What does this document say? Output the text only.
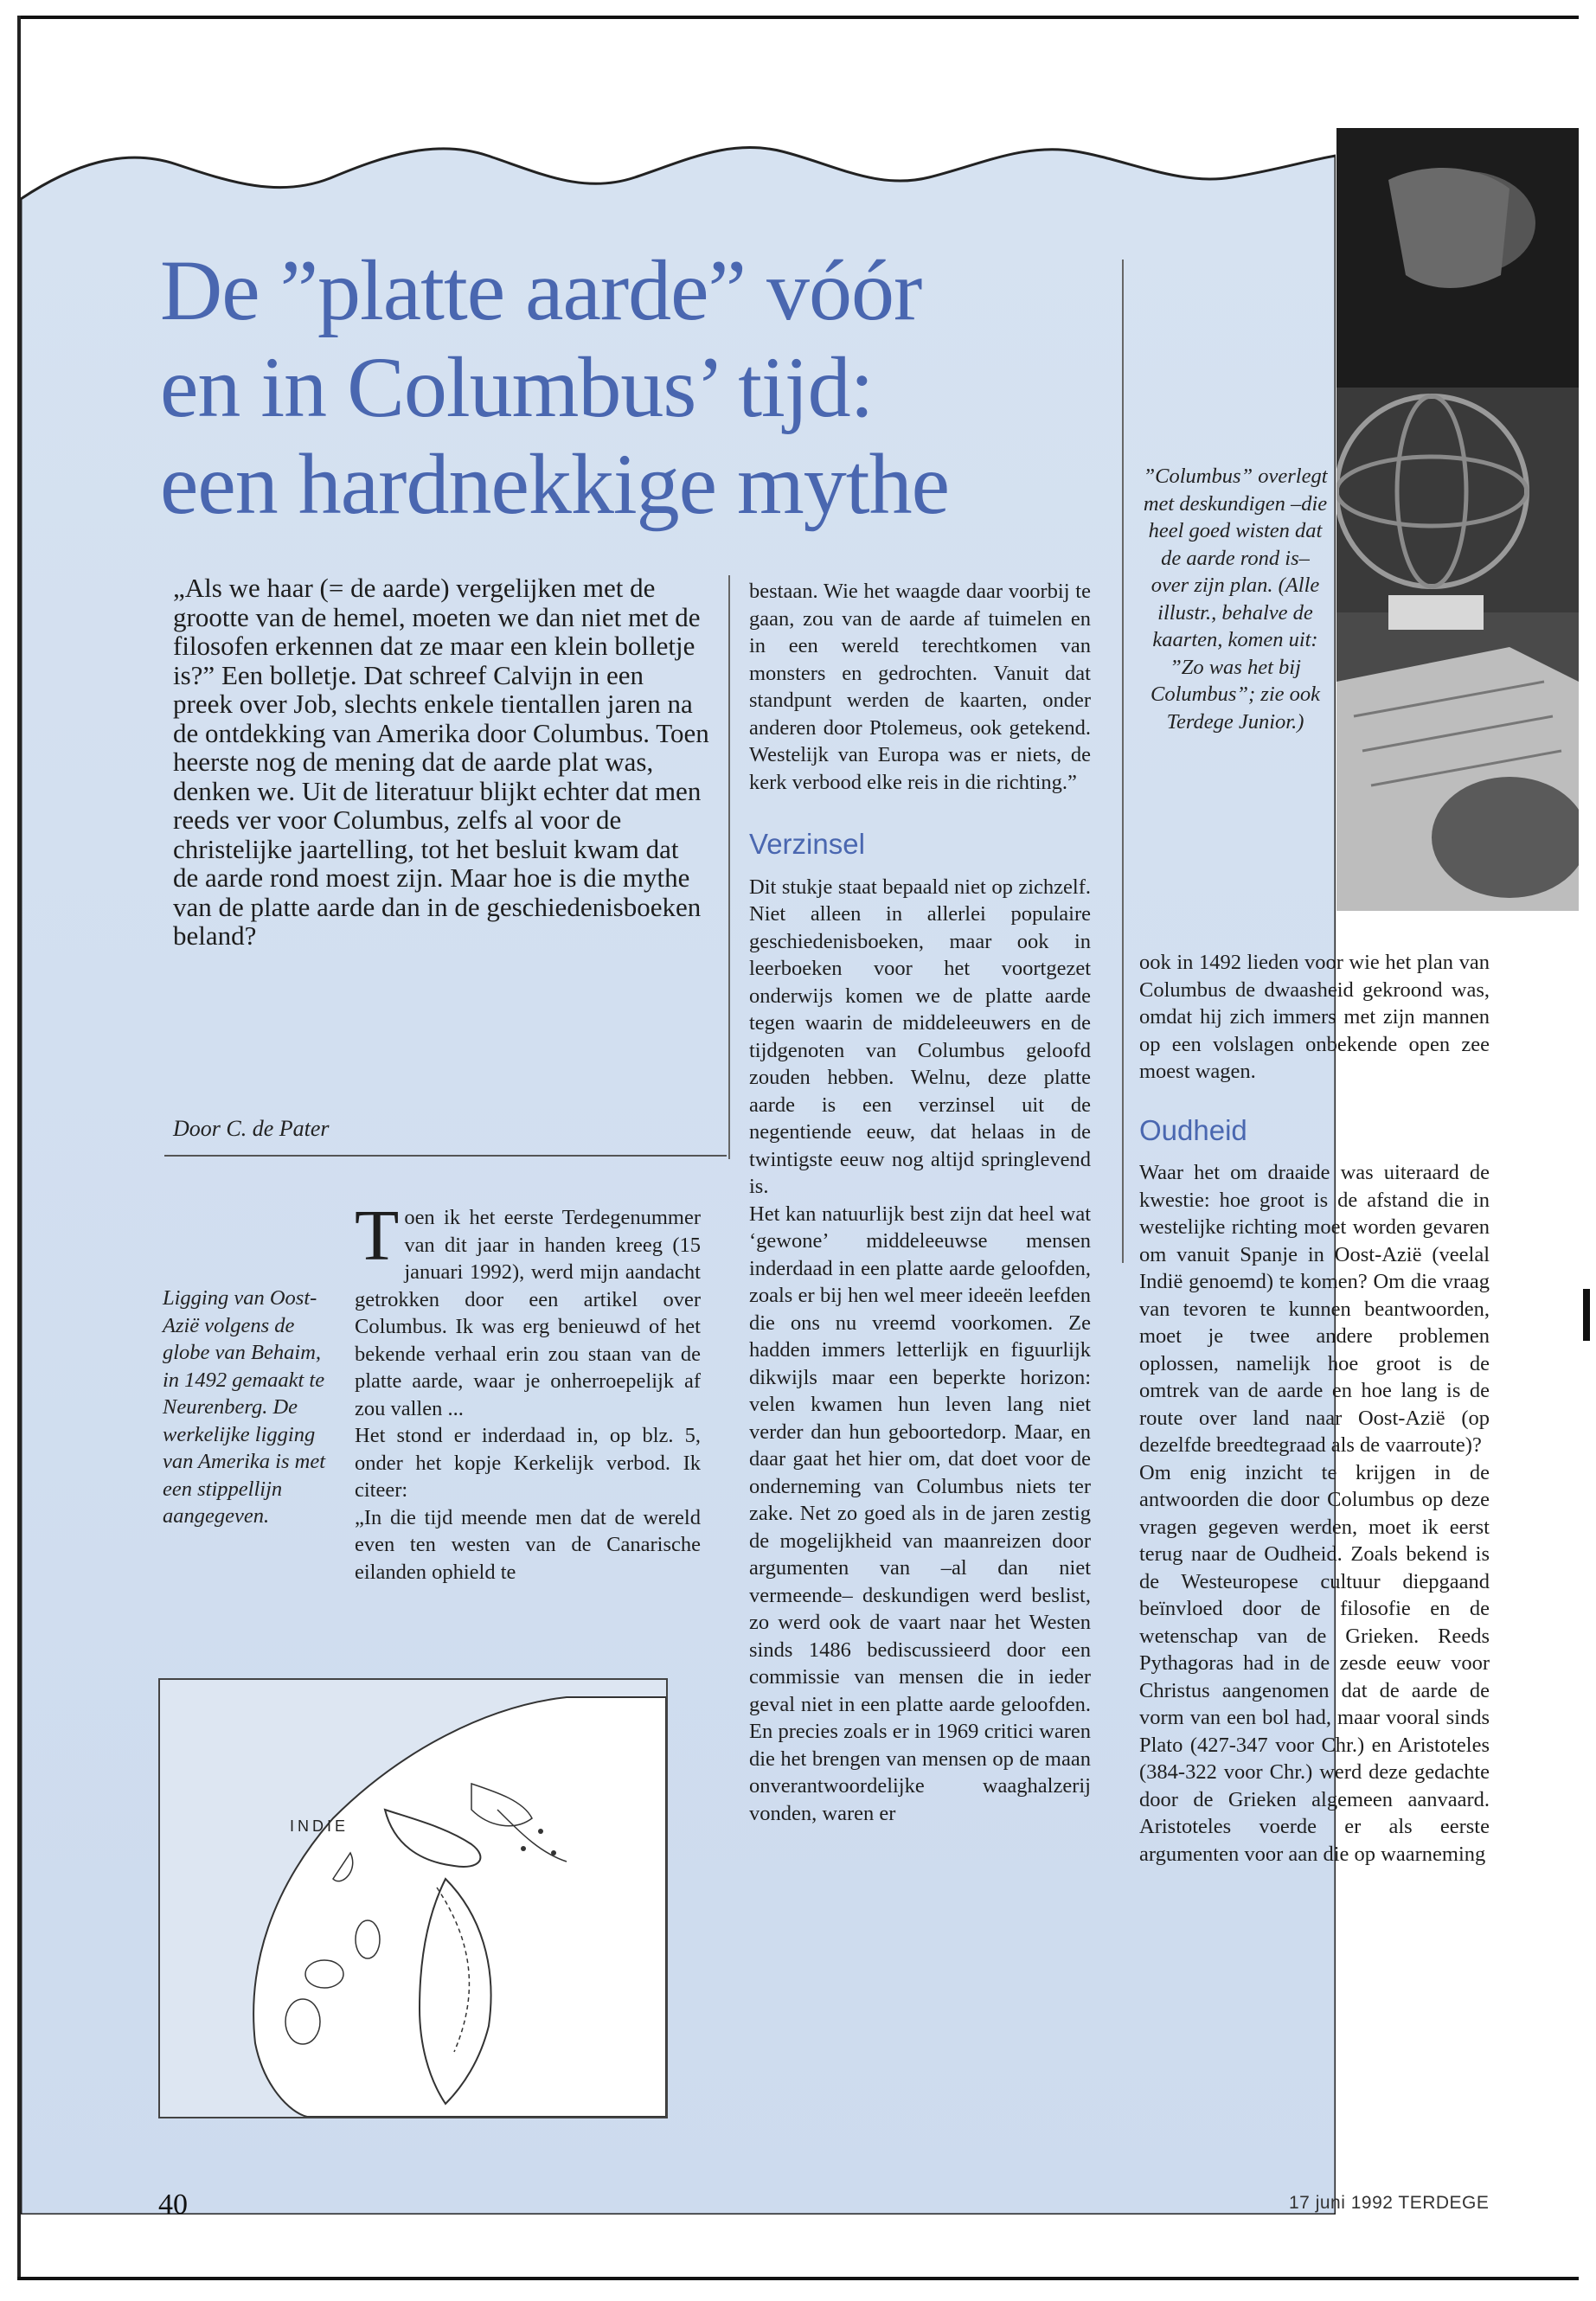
De ”platte aarde” vóór
en in Columbus’ tijd:
een hardnekkige mythe
„Als we haar (= de aarde) vergelijken met de grootte van de hemel, moeten we dan niet met de filosofen erkennen dat ze maar een klein bolletje is?” Een bolletje. Dat schreef Calvijn in een preek over Job, slechts enkele tientallen jaren na de ontdekking van Amerika door Columbus. Toen heerste nog de mening dat de aarde plat was, denken we. Uit de literatuur blijkt echter dat men reeds ver voor Columbus, zelfs al voor de christelijke jaartelling, tot het besluit kwam dat de aarde rond moest zijn. Maar hoe is die mythe van de platte aarde dan in de geschiedenisboeken beland?
Door C. de Pater
Ligging van Oost-Azië volgens de globe van Behaim, in 1492 gemaakt te Neurenberg. De werkelijke ligging van Amerika is met een stippellijn aangegeven.
T oen ik het eerste Terdegenummer van dit jaar in handen kreeg (15 januari 1992), werd mijn aandacht getrokken door een artikel over Columbus. Ik was erg benieuwd of het bekende verhaal erin zou staan van de platte aarde, waar je onherroepelijk af zou vallen ...

Het stond er inderdaad in, op blz. 5, onder het kopje Kerkelijk verbod. Ik citeer:

„In die tijd meende men dat de wereld even ten westen van de Canarische eilanden ophield te

INDIE

bestaan. Wie het waagde daar voorbij te gaan, zou van de aarde af tuimelen en in een wereld terechtkomen van monsters en gedrochten. Vanuit dat standpunt werden de kaarten, onder anderen door Ptolemeus, ook getekend. Westelijk van Europa was er niets, de kerk verbood elke reis in die richting.”

Verzinsel

Dit stukje staat bepaald niet op zichzelf. Niet alleen in allerlei populaire geschiedenisboeken, maar ook in leerboeken voor het voortgezet onderwijs komen we de platte aarde tegen waarin de middeleeuwers en de tijdgenoten van Columbus geloofd zouden hebben. Welnu, deze platte aarde is een verzinsel uit de negentiende eeuw, dat helaas in de twintigste eeuw nog altijd springlevend is.

Het kan natuurlijk best zijn dat heel wat ‘gewone’ middeleeuwse mensen inderdaad in een platte aarde geloofden, zoals er bij hen wel meer ideeën leefden die ons nu vreemd voorkomen. Ze hadden immers letterlijk en figuurlijk dikwijls maar een beperkte horizon: velen kwamen hun leven lang niet verder dan hun geboortedorp. Maar, en daar gaat het hier om, dat doet voor de onderneming van Columbus niets ter zake. Net zo goed als in de jaren zestig de mogelijkheid van maanreizen door argumenten van –al dan niet vermeende– deskundigen werd beslist, zo werd ook de vaart naar het Westen sinds 1486 bediscussieerd door een commissie van mensen die in ieder geval niet in een platte aarde geloofden. En precies zoals er in 1969 critici waren die het brengen van mensen op de maan onverantwoordelijke waaghalzerij vonden, waren er

”Columbus” overlegt met deskundigen –die heel goed wisten dat de aarde rond is– over zijn plan. (Alle illustr., behalve de kaarten, komen uit: ”Zo was het bij Columbus”; zie ook Terdege Junior.)

ook in 1492 lieden voor wie het plan van Columbus de dwaasheid gekroond was, omdat hij zich immers met zijn mannen op een volslagen onbekende open zee moest wagen.

Oudheid

Waar het om draaide was uiteraard de kwestie: hoe groot is de afstand die in westelijke richting moet worden gevaren om vanuit Spanje in Oost-Azië (veelal Indië genoemd) te komen? Om die vraag van tevoren te kunnen beantwoorden, moet je twee andere problemen oplossen, namelijk hoe groot is de omtrek van de aarde en hoe lang is de route over land naar Oost-Azië (op dezelfde breedtegraad als de vaarroute)?

Om enig inzicht te krijgen in de antwoorden die door Columbus op deze vragen gegeven werden, moet ik eerst terug naar de Oudheid. Zoals bekend is de Westeuropese cultuur diepgaand beïnvloed door de filosofie en de wetenschap van de Grieken. Reeds Pythagoras had in de zesde eeuw voor Christus aangenomen dat de aarde de vorm van een bol had, maar vooral sinds Plato (427-347 voor Chr.) en Aristoteles (384-322 voor Chr.) werd deze gedachte door de Grieken algemeen aanvaard. Aristoteles voerde er als eerste argumenten voor aan die op waarneming

40	17 juni 1992 TERDEGE
